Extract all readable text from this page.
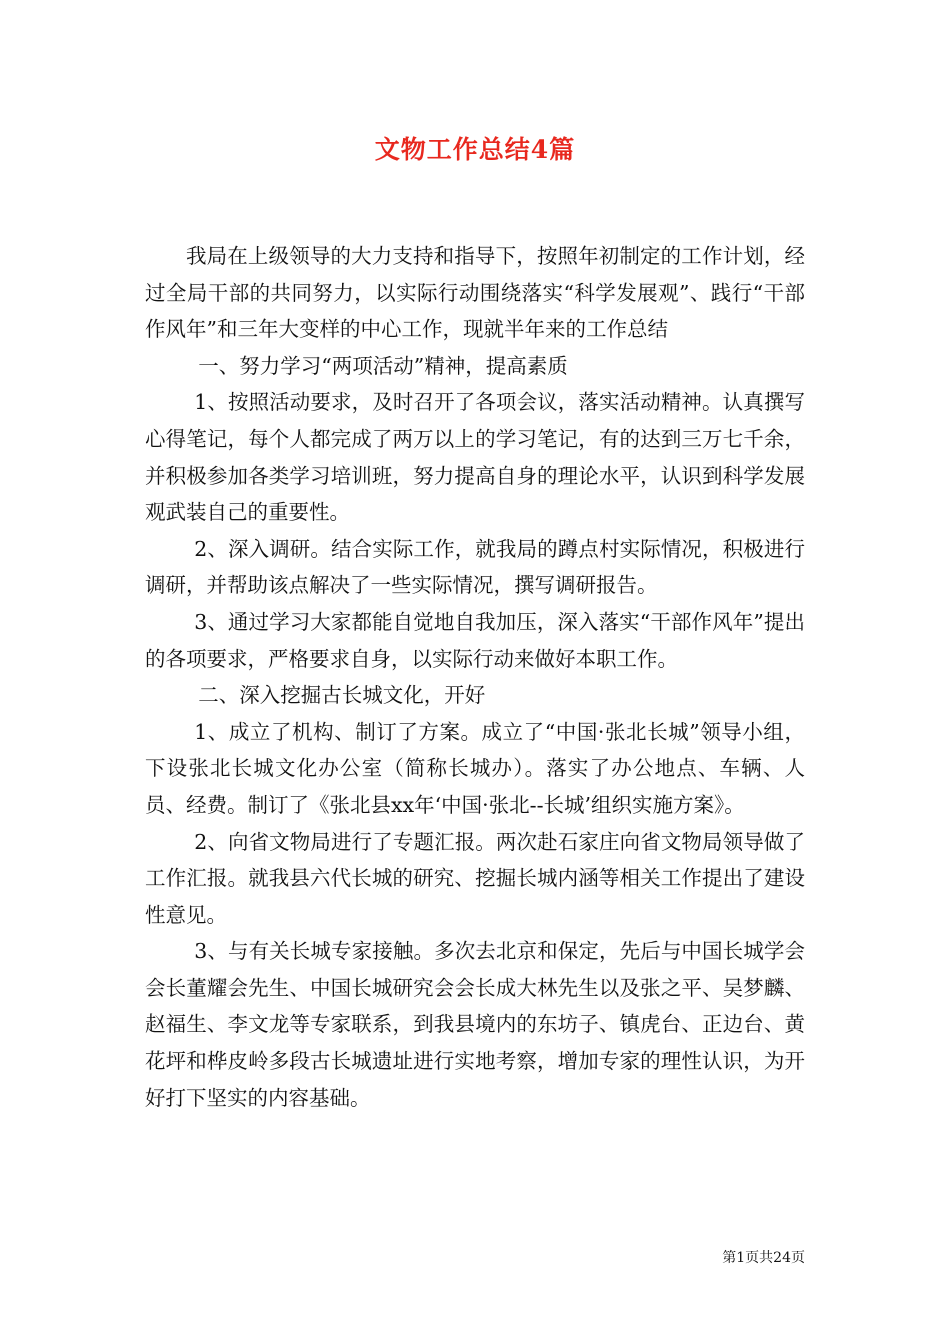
文物工作总结4篇

我局在上级领导的大力支持和指导下，按照年初制定的工作计划，经过全局干部的共同努力，以实际行动围绕落实“科学发展观”、践行“干部作风年”和三年大变样的中心工作，现就半年来的工作总结

一、努力学习“两项活动”精神，提高素质

1、按照活动要求，及时召开了各项会议，落实活动精神。认真撰写心得笔记，每个人都完成了两万以上的学习笔记，有的达到三万七千余，并积极参加各类学习培训班，努力提高自身的理论水平，认识到科学发展观武装自己的重要性。

2、深入调研。结合实际工作，就我局的蹲点村实际情况，积极进行调研，并帮助该点解决了一些实际情况，撰写调研报告。

3、通过学习大家都能自觉地自我加压，深入落实“干部作风年”提出的各项要求，严格要求自身，以实际行动来做好本职工作。

二、深入挖掘古长城文化，开好

1、成立了机构、制订了方案。成立了“中国·张北长城”领导小组，下设张北长城文化办公室（简称长城办）。落实了办公地点、车辆、人员、经费。制订了《张北县xx年‘中国·张北--长城’组织实施方案》。

2、向省文物局进行了专题汇报。两次赴石家庄向省文物局领导做了工作汇报。就我县六代长城的研究、挖掘长城内涵等相关工作提出了建设性意见。

3、与有关长城专家接触。多次去北京和保定，先后与中国长城学会会长董耀会先生、中国长城研究会会长成大林先生以及张之平、吴梦麟、赵福生、李文龙等专家联系，到我县境内的东坊子、镇虎台、正边台、黄花坪和桦皮岭多段古长城遗址进行实地考察，增加专家的理性认识，为开好打下坚实的内容基础。

第1页共24页
